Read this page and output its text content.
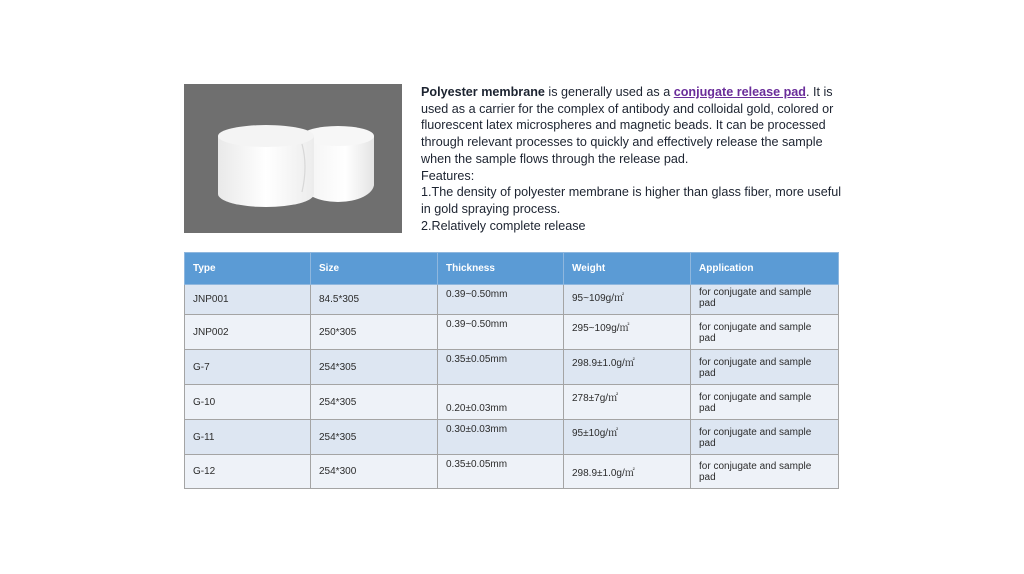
Polyester membrane is generally used as a conjugate release pad. It is used as a carrier for the complex of antibody and colloidal gold, colored or fluorescent latex microspheres and magnetic beads. It can be processed through relevant processes to quickly and effectively release the sample when the sample flows through the release pad.

Features:

1.The density of polyester membrane is higher than glass fiber, more useful in gold spraying process.

2.Relatively complete release

Type	Size	Thickness	Weight	Application
JNP001	84.5*305	0.39~0.50mm	95~109g/㎡	for conjugate and sample pad
JNP002	250*305	0.39~0.50mm	295~109g/㎡	for conjugate and sample pad
G-7	254*305	0.35±0.05mm	298.9±1.0g/㎡	for conjugate and sample pad
G-10	254*305	0.20±0.03mm	278±7g/㎡	for conjugate and sample pad
G-11	254*305	0.30±0.03mm	95±10g/㎡	for conjugate and sample pad
G-12	254*300	0.35±0.05mm	298.9±1.0g/㎡	for conjugate and sample pad
